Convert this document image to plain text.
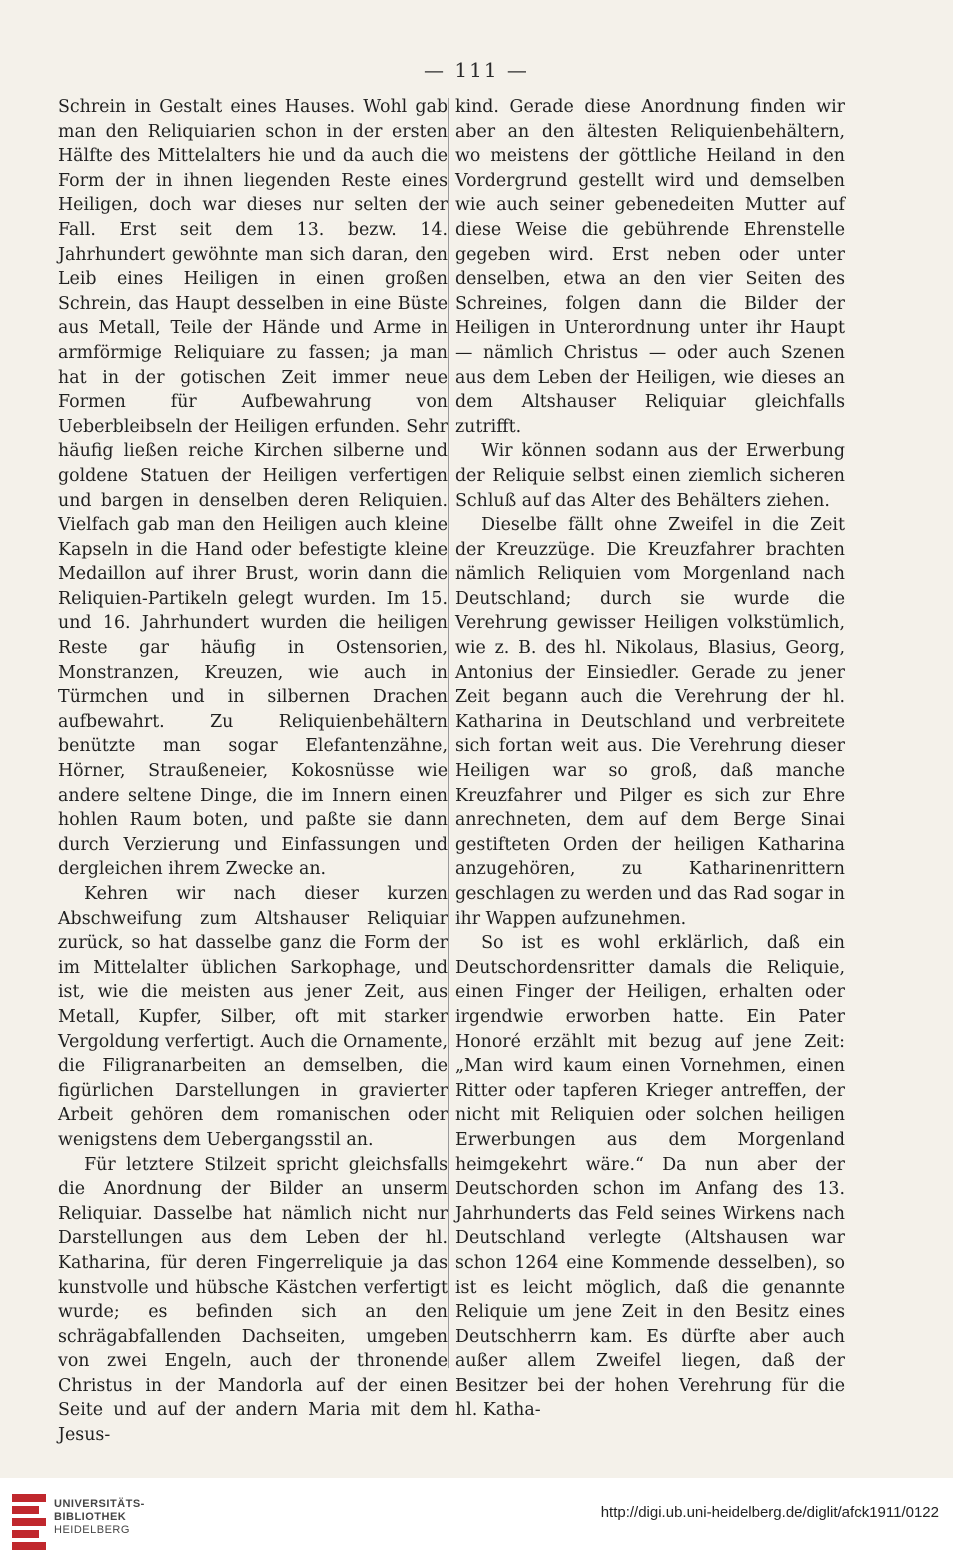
— 111 —

Schrein in Gestalt eines Hauses. Wohl gab man den Reliquiarien schon in der ersten Hälfte des Mittelalters hie und da auch die Form der in ihnen liegenden Reste eines Heiligen, doch war dieses nur selten der Fall. Erst seit dem 13. bezw. 14. Jahrhundert gewöhnte man sich daran, den Leib eines Heiligen in einen großen Schrein, das Haupt desselben in eine Büste aus Metall, Teile der Hände und Arme in armförmige Reliquiare zu fassen; ja man hat in der gotischen Zeit immer neue Formen für Aufbewahrung von Ueberbleibseln der Heiligen erfunden. Sehr häufig ließen reiche Kirchen silberne und goldene Statuen der Heiligen verfertigen und bargen in denselben deren Reliquien. Vielfach gab man den Heiligen auch kleine Kapseln in die Hand oder befestigte kleine Medaillon auf ihrer Brust, worin dann die Reliquien-Partikeln gelegt wurden. Im 15. und 16. Jahrhundert wurden die heiligen Reste gar häufig in Ostensorien, Monstranzen, Kreuzen, wie auch in Türmchen und in silbernen Drachen aufbewahrt. Zu Reliquienbehältern benützte man sogar Elefantenzähne, Hörner, Straußeneier, Kokosnüsse wie andere seltene Dinge, die im Innern einen hohlen Raum boten, und paßte sie dann durch Verzierung und Einfassungen und dergleichen ihrem Zwecke an.

Kehren wir nach dieser kurzen Abschweifung zum Altshauser Reliquiar zurück, so hat dasselbe ganz die Form der im Mittelalter üblichen Sarkophage, und ist, wie die meisten aus jener Zeit, aus Metall, Kupfer, Silber, oft mit starker Vergoldung verfertigt. Auch die Ornamente, die Filigranarbeiten an demselben, die figürlichen Darstellungen in gravierter Arbeit gehören dem romanischen oder wenigstens dem Uebergangsstil an.

Für letztere Stilzeit spricht gleichsfalls die Anordnung der Bilder an unserm Reliquiar. Dasselbe hat nämlich nicht nur Darstellungen aus dem Leben der hl. Katharina, für deren Fingerreliquie ja das kunstvolle und hübsche Kästchen verfertigt wurde; es befinden sich an den schrägabfallenden Dachseiten, umgeben von zwei Engeln, auch der thronende Christus in der Mandorla auf der einen Seite und auf der andern Maria mit dem Jesus-

kind. Gerade diese Anordnung finden wir aber an den ältesten Reliquienbehältern, wo meistens der göttliche Heiland in den Vordergrund gestellt wird und demselben wie auch seiner gebenedeiten Mutter auf diese Weise die gebührende Ehrenstelle gegeben wird. Erst neben oder unter denselben, etwa an den vier Seiten des Schreines, folgen dann die Bilder der Heiligen in Unterordnung unter ihr Haupt — nämlich Christus — oder auch Szenen aus dem Leben der Heiligen, wie dieses an dem Altshauser Reliquiar gleichfalls zutrifft.

Wir können sodann aus der Erwerbung der Reliquie selbst einen ziemlich sicheren Schluß auf das Alter des Behälters ziehen.

Dieselbe fällt ohne Zweifel in die Zeit der Kreuzzüge. Die Kreuzfahrer brachten nämlich Reliquien vom Morgenland nach Deutschland; durch sie wurde die Verehrung gewisser Heiligen volkstümlich, wie z. B. des hl. Nikolaus, Blasius, Georg, Antonius der Einsiedler. Gerade zu jener Zeit begann auch die Verehrung der hl. Katharina in Deutschland und verbreitete sich fortan weit aus. Die Verehrung dieser Heiligen war so groß, daß manche Kreuzfahrer und Pilger es sich zur Ehre anrechneten, dem auf dem Berge Sinai gestifteten Orden der heiligen Katharina anzugehören, zu Katharinenrittern geschlagen zu werden und das Rad sogar in ihr Wappen aufzunehmen.

So ist es wohl erklärlich, daß ein Deutschordensritter damals die Reliquie, einen Finger der Heiligen, erhalten oder irgendwie erworben hatte. Ein Pater Honoré erzählt mit bezug auf jene Zeit: „Man wird kaum einen Vornehmen, einen Ritter oder tapferen Krieger antreffen, der nicht mit Reliquien oder solchen heiligen Erwerbungen aus dem Morgenland heimgekehrt wäre.“ Da nun aber der Deutschorden schon im Anfang des 13. Jahrhunderts das Feld seines Wirkens nach Deutschland verlegte (Altshausen war schon 1264 eine Kommende desselben), so ist es leicht möglich, daß die genannte Reliquie um jene Zeit in den Besitz eines Deutschherrn kam. Es dürfte aber auch außer allem Zweifel liegen, daß der Besitzer bei der hohen Verehrung für die hl. Katha-

UNIVERSITÄTS-
BIBLIOTHEK
HEIDELBERG
http://digi.ub.uni-heidelberg.de/diglit/afck1911/0122
